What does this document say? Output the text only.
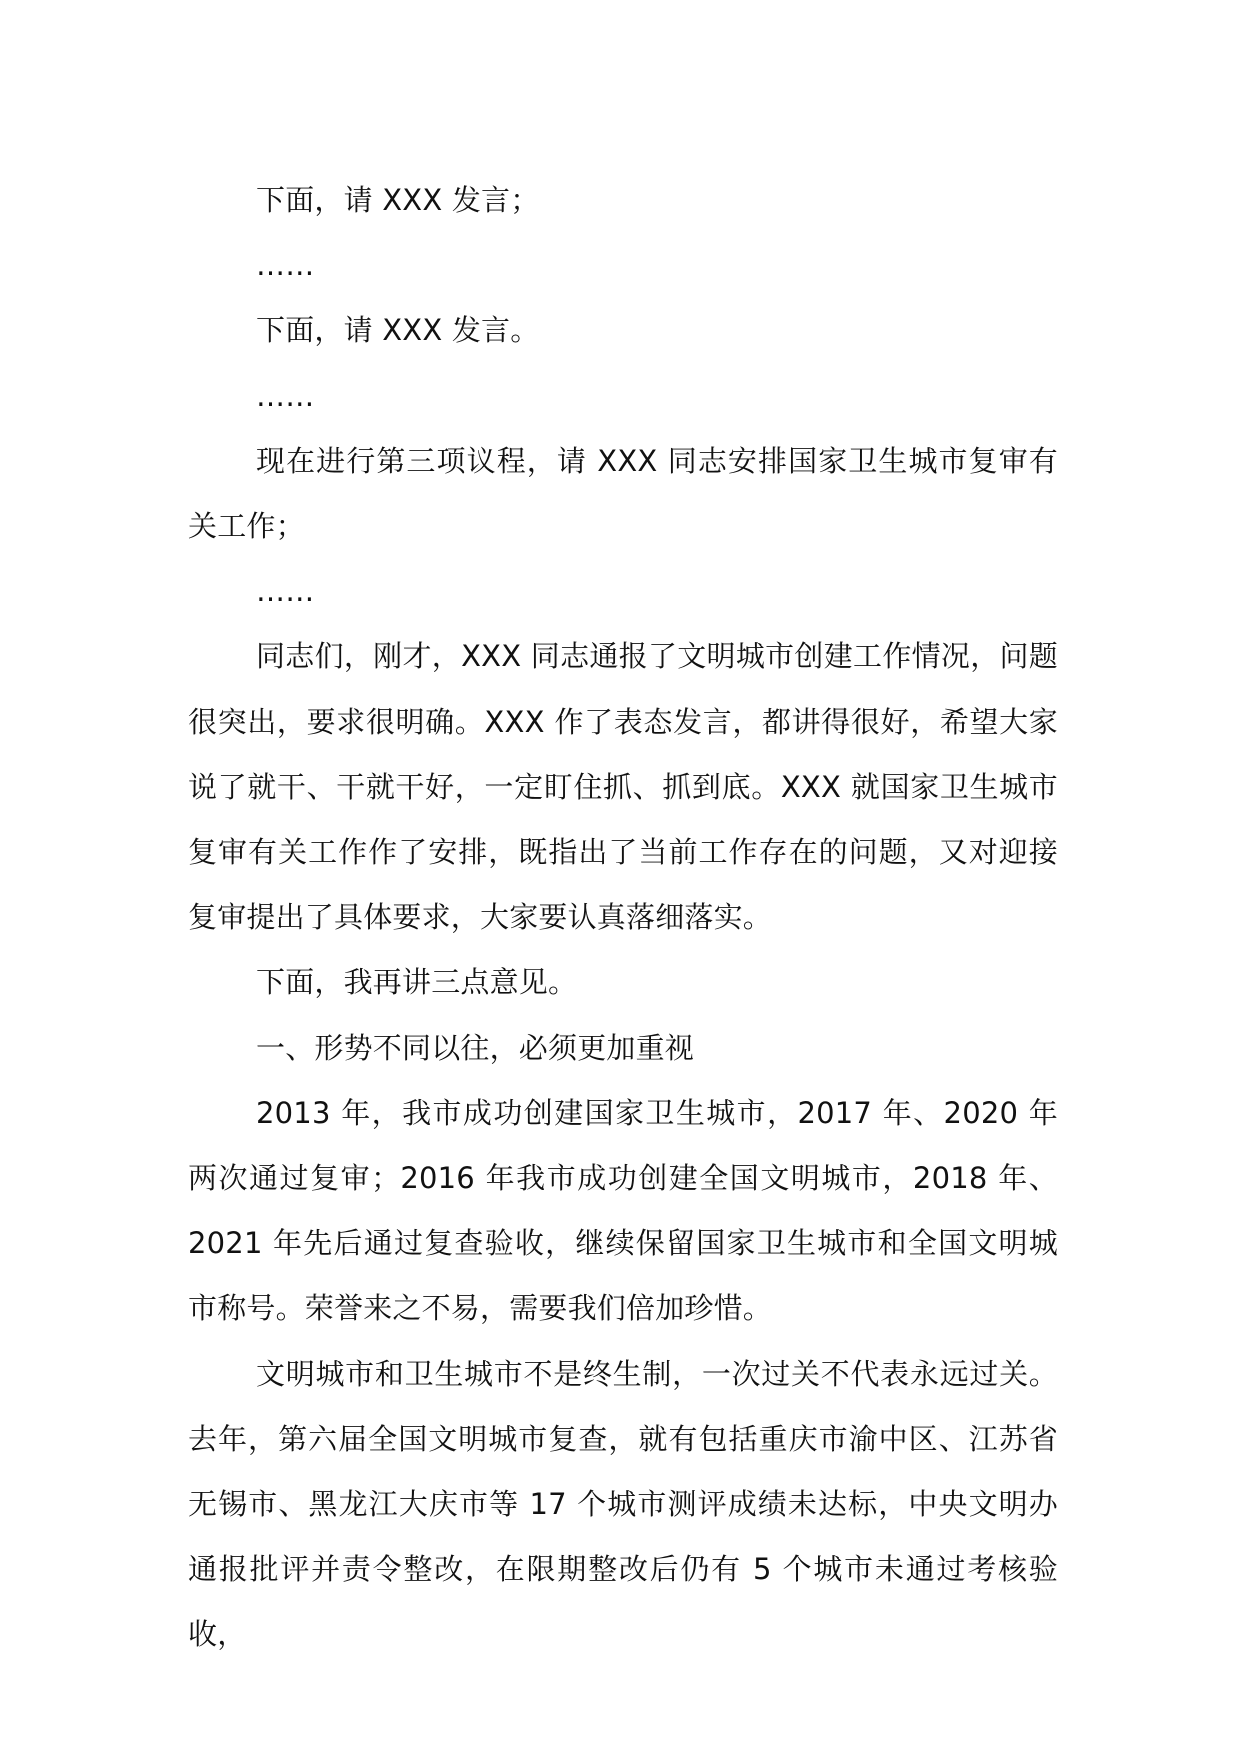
下面，请 XXX 发言；

……

下面，请 XXX 发言。

……

现在进行第三项议程，请 XXX 同志安排国家卫生城市复审有关工作；

……

同志们，刚才，XXX 同志通报了文明城市创建工作情况，问题很突出，要求很明确。XXX 作了表态发言，都讲得很好，希望大家说了就干、干就干好，一定盯住抓、抓到底。XXX 就国家卫生城市复审有关工作作了安排，既指出了当前工作存在的问题，又对迎接复审提出了具体要求，大家要认真落细落实。

下面，我再讲三点意见。

一、形势不同以往，必须更加重视

2013 年，我市成功创建国家卫生城市，2017 年、2020 年两次通过复审；2016 年我市成功创建全国文明城市，2018 年、2021 年先后通过复查验收，继续保留国家卫生城市和全国文明城市称号。荣誉来之不易，需要我们倍加珍惜。

文明城市和卫生城市不是终生制，一次过关不代表永远过关。去年，第六届全国文明城市复查，就有包括重庆市渝中区、江苏省无锡市、黑龙江大庆市等 17 个城市测评成绩未达标，中央文明办通报批评并责令整改，在限期整改后仍有 5 个城市未通过考核验收，
